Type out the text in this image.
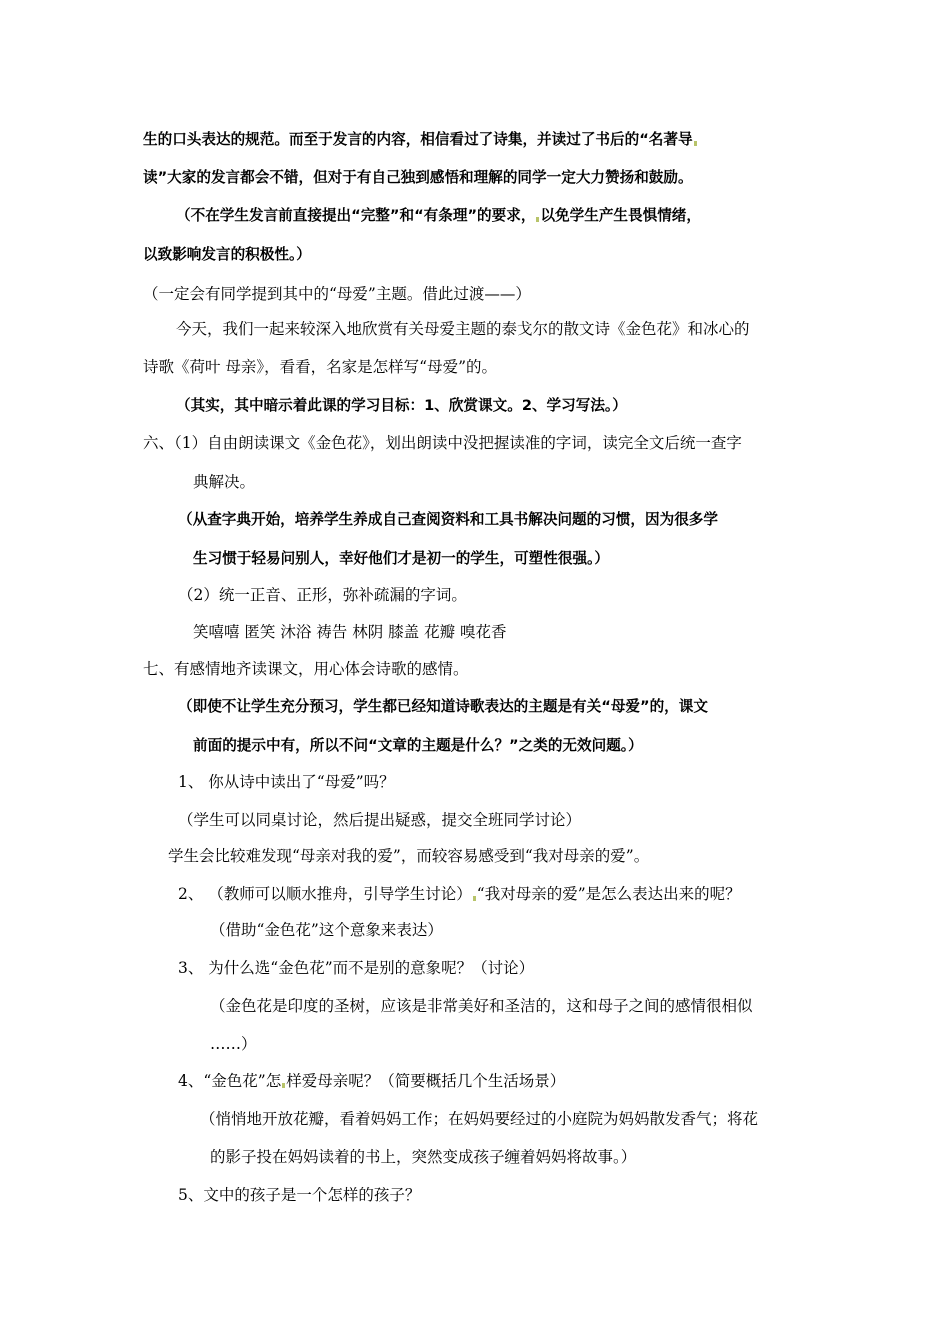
生的口头表达的规范。而至于发言的内容，相信看过了诗集，并读过了书后的“名著导
读”大家的发言都会不错，但对于有自己独到感悟和理解的同学一定大力赞扬和鼓励。
（不在学生发言前直接提出“完整”和“有条理”的要求， 以免学生产生畏惧情绪，
以致影响发言的积极性。）
（一定会有同学提到其中的“母爱”主题。借此过渡——）
今天，我们一起来较深入地欣赏有关母爱主题的泰戈尔的散文诗《金色花》和冰心的
诗歌《荷叶 母亲》，看看，名家是怎样写“母爱”的。
（其实，其中暗示着此课的学习目标：1、欣赏课文。2、学习写法。）
六、（1）自由朗读课文《金色花》，划出朗读中没把握读准的字词，读完全文后统一查字
典解决。
（从查字典开始，培养学生养成自己查阅资料和工具书解决问题的习惯，因为很多学
生习惯于轻易问别人，幸好他们才是初一的学生，可塑性很强。）
（2）统一正音、正形，弥补疏漏的字词。
笑嘻嘻 匿笑 沐浴 祷告 林阴 膝盖 花瓣 嗅花香
七、有感情地齐读课文，用心体会诗歌的感情。
（即使不让学生充分预习，学生都已经知道诗歌表达的主题是有关“母爱”的，课文
前面的提示中有，所以不问“文章的主题是什么？”之类的无效问题。）
1、 你从诗中读出了“母爱”吗？
（学生可以同桌讨论，然后提出疑惑，提交全班同学讨论）
学生会比较难发现“母亲对我的爱”，而较容易感受到“我对母亲的爱”。
2、 （教师可以顺水推舟，引导学生讨论） “我对母亲的爱”是怎么表达出来的呢？
（借助“金色花”这个意象来表达）
3、 为什么选“金色花”而不是别的意象呢？（讨论）
（金色花是印度的圣树，应该是非常美好和圣洁的，这和母子之间的感情很相似
……）
4、“金色花”怎 样爱母亲呢？（简要概括几个生活场景）
（悄悄地开放花瓣，看着妈妈工作；在妈妈要经过的小庭院为妈妈散发香气；将花
的影子投在妈妈读着的书上，突然变成孩子缠着妈妈将故事。）
5、文中的孩子是一个怎样的孩子？
